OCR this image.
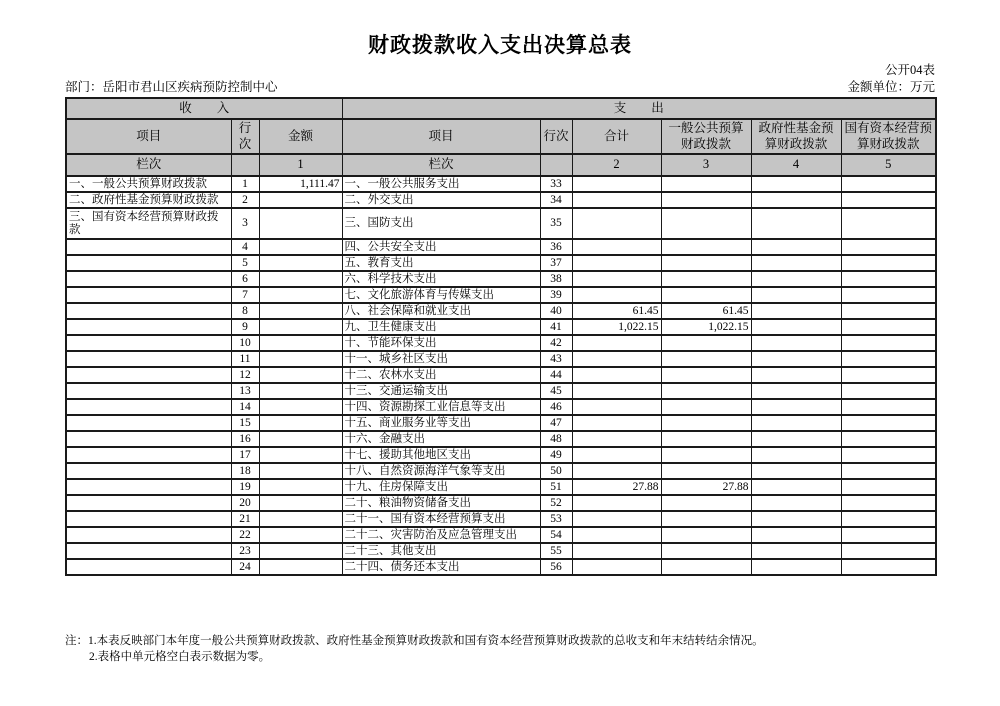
财政拨款收入支出决算总表
公开04表
部门：岳阳市君山区疾病预防控制中心	金额单位：万元
收　　入			支　　出					
项目	行次	金额	项目	行次	合计	一般公共预算财政拨款	政府性基金预算财政拨款	国有资本经营预算财政拨款
栏次		1	栏次		2	3	4	5
一、一般公共预算财政拨款	1	1,111.47	一、一般公共服务支出	33				
二、政府性基金预算财政拨款	2		二、外交支出	34				
三、国有资本经营预算财政拨款	3		三、国防支出	35				
	4		四、公共安全支出	36				
	5		五、教育支出	37				
	6		六、科学技术支出	38				
	7		七、文化旅游体育与传媒支出	39				
	8		八、社会保障和就业支出	40	61.45	61.45		
	9		九、卫生健康支出	41	1,022.15	1,022.15		
	10		十、节能环保支出	42				
	11		十一、城乡社区支出	43				
	12		十二、农林水支出	44				
	13		十三、交通运输支出	45				
	14		十四、资源勘探工业信息等支出	46				
	15		十五、商业服务业等支出	47				
	16		十六、金融支出	48				
	17		十七、援助其他地区支出	49				
	18		十八、自然资源海洋气象等支出	50				
	19		十九、住房保障支出	51	27.88	27.88		
	20		二十、粮油物资储备支出	52				
	21		二十一、国有资本经营预算支出	53				
	22		二十二、灾害防治及应急管理支出	54				
	23		二十三、其他支出	55				
	24		二十四、债务还本支出	56				
注：1.本表反映部门本年度一般公共预算财政拨款、政府性基金预算财政拨款和国有资本经营预算财政拨款的总收支和年末结转结余情况。
2.表格中单元格空白表示数据为零。
